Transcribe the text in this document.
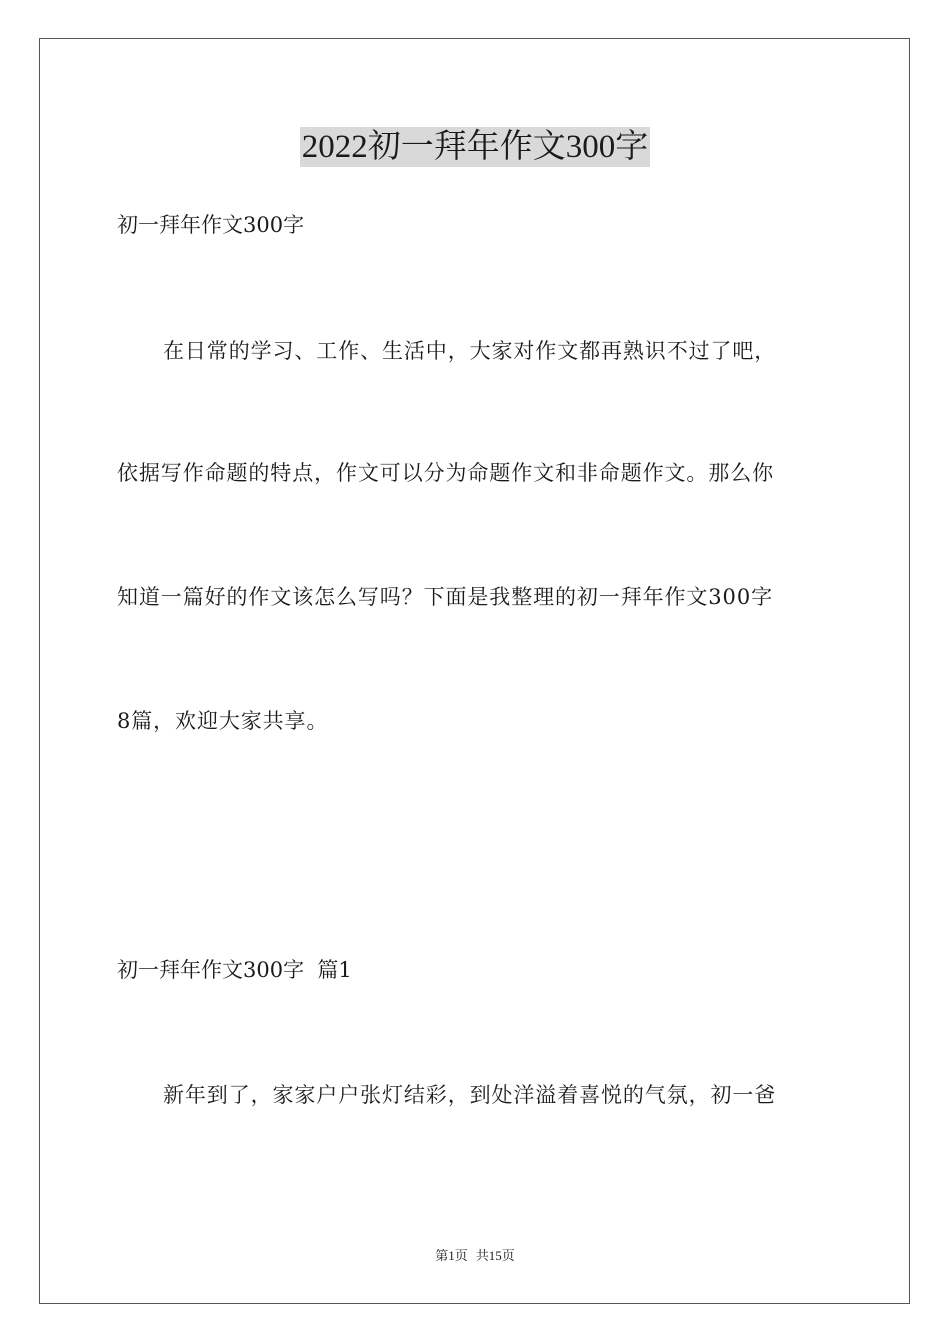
2022初一拜年作文300字
初一拜年作文300字
在日常的学习、工作、生活中，大家对作文都再熟识不过了吧，
依据写作命题的特点，作文可以分为命题作文和非命题作文。那么你
知道一篇好的作文该怎么写吗？下面是我整理的初一拜年作文300字
8篇，欢迎大家共享。
初一拜年作文300字  篇1
新年到了，家家户户张灯结彩，到处洋溢着喜悦的气氛，初一爸
第1页 共15页
